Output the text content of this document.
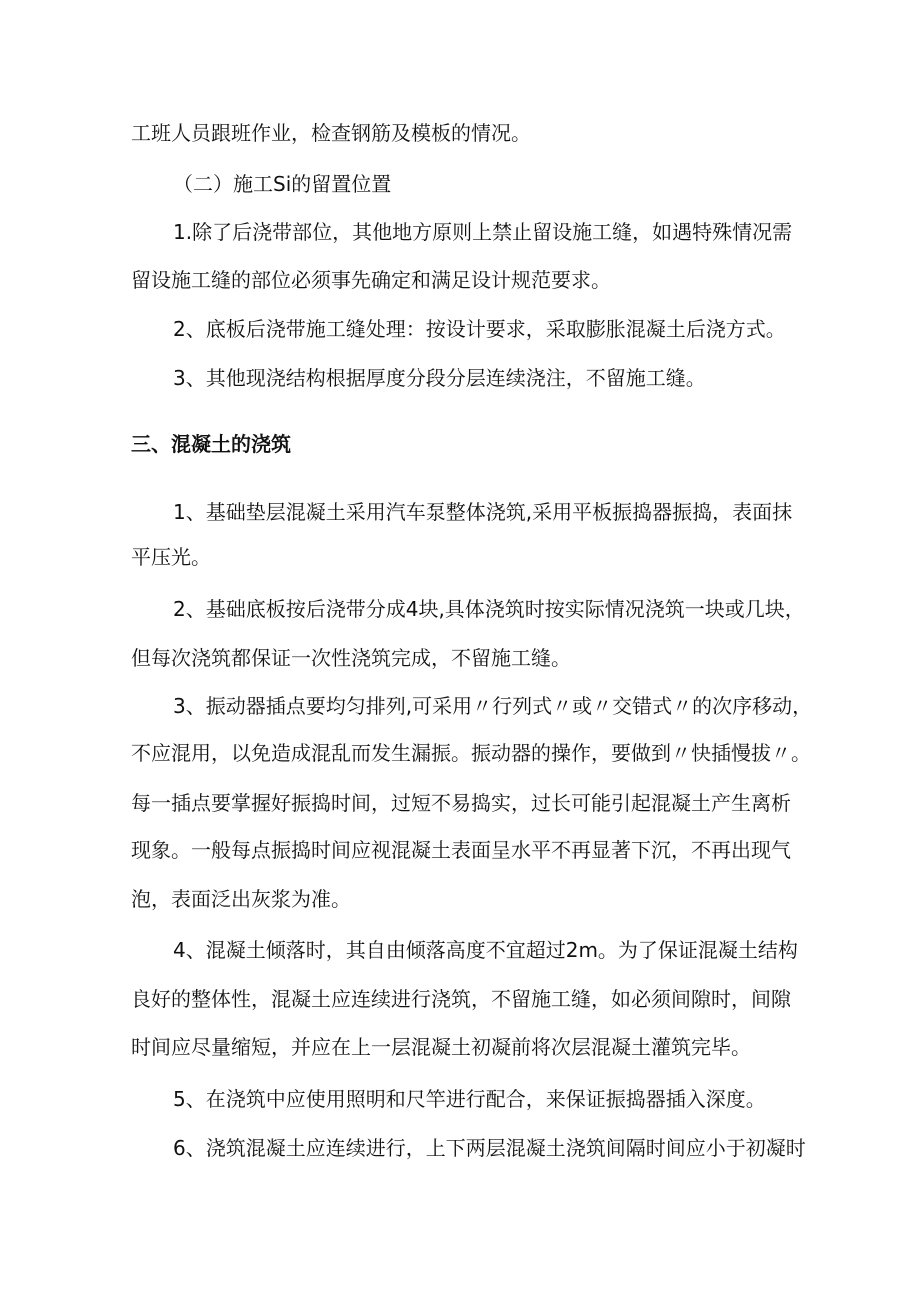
工班人员跟班作业，检查钢筋及模板的情况。

（二）施工Si的留置位置

1.除了后浇带部位，其他地方原则上禁止留设施工缝，如遇特殊情况需

留设施工缝的部位必须事先确定和满足设计规范要求。

2、底板后浇带施工缝处理：按设计要求，采取膨胀混凝土后浇方式。

3、其他现浇结构根据厚度分段分层连续浇注，不留施工缝。

三、混凝土的浇筑

1、基础垫层混凝土采用汽车泵整体浇筑,采用平板振捣器振捣，表面抹

平压光。

2、基础底板按后浇带分成4块,具体浇筑时按实际情况浇筑一块或几块，

但每次浇筑都保证一次性浇筑完成，不留施工缝。

3、振动器插点要均匀排列,可采用〃行列式〃或〃交错式〃的次序移动，

不应混用，以免造成混乱而发生漏振。振动器的操作，要做到〃快插慢拔〃。

每一插点要掌握好振捣时间，过短不易捣实，过长可能引起混凝土产生离析

现象。一般每点振捣时间应视混凝土表面呈水平不再显著下沉，不再出现气

泡，表面泛出灰浆为准。

4、混凝土倾落时，其自由倾落高度不宜超过2m。为了保证混凝土结构

良好的整体性，混凝土应连续进行浇筑，不留施工缝，如必须间隙时，间隙

时间应尽量缩短，并应在上一层混凝土初凝前将次层混凝土灌筑完毕。

5、在浇筑中应使用照明和尺竿进行配合，来保证振捣器插入深度。

6、浇筑混凝土应连续进行，上下两层混凝土浇筑间隔时间应小于初凝时
